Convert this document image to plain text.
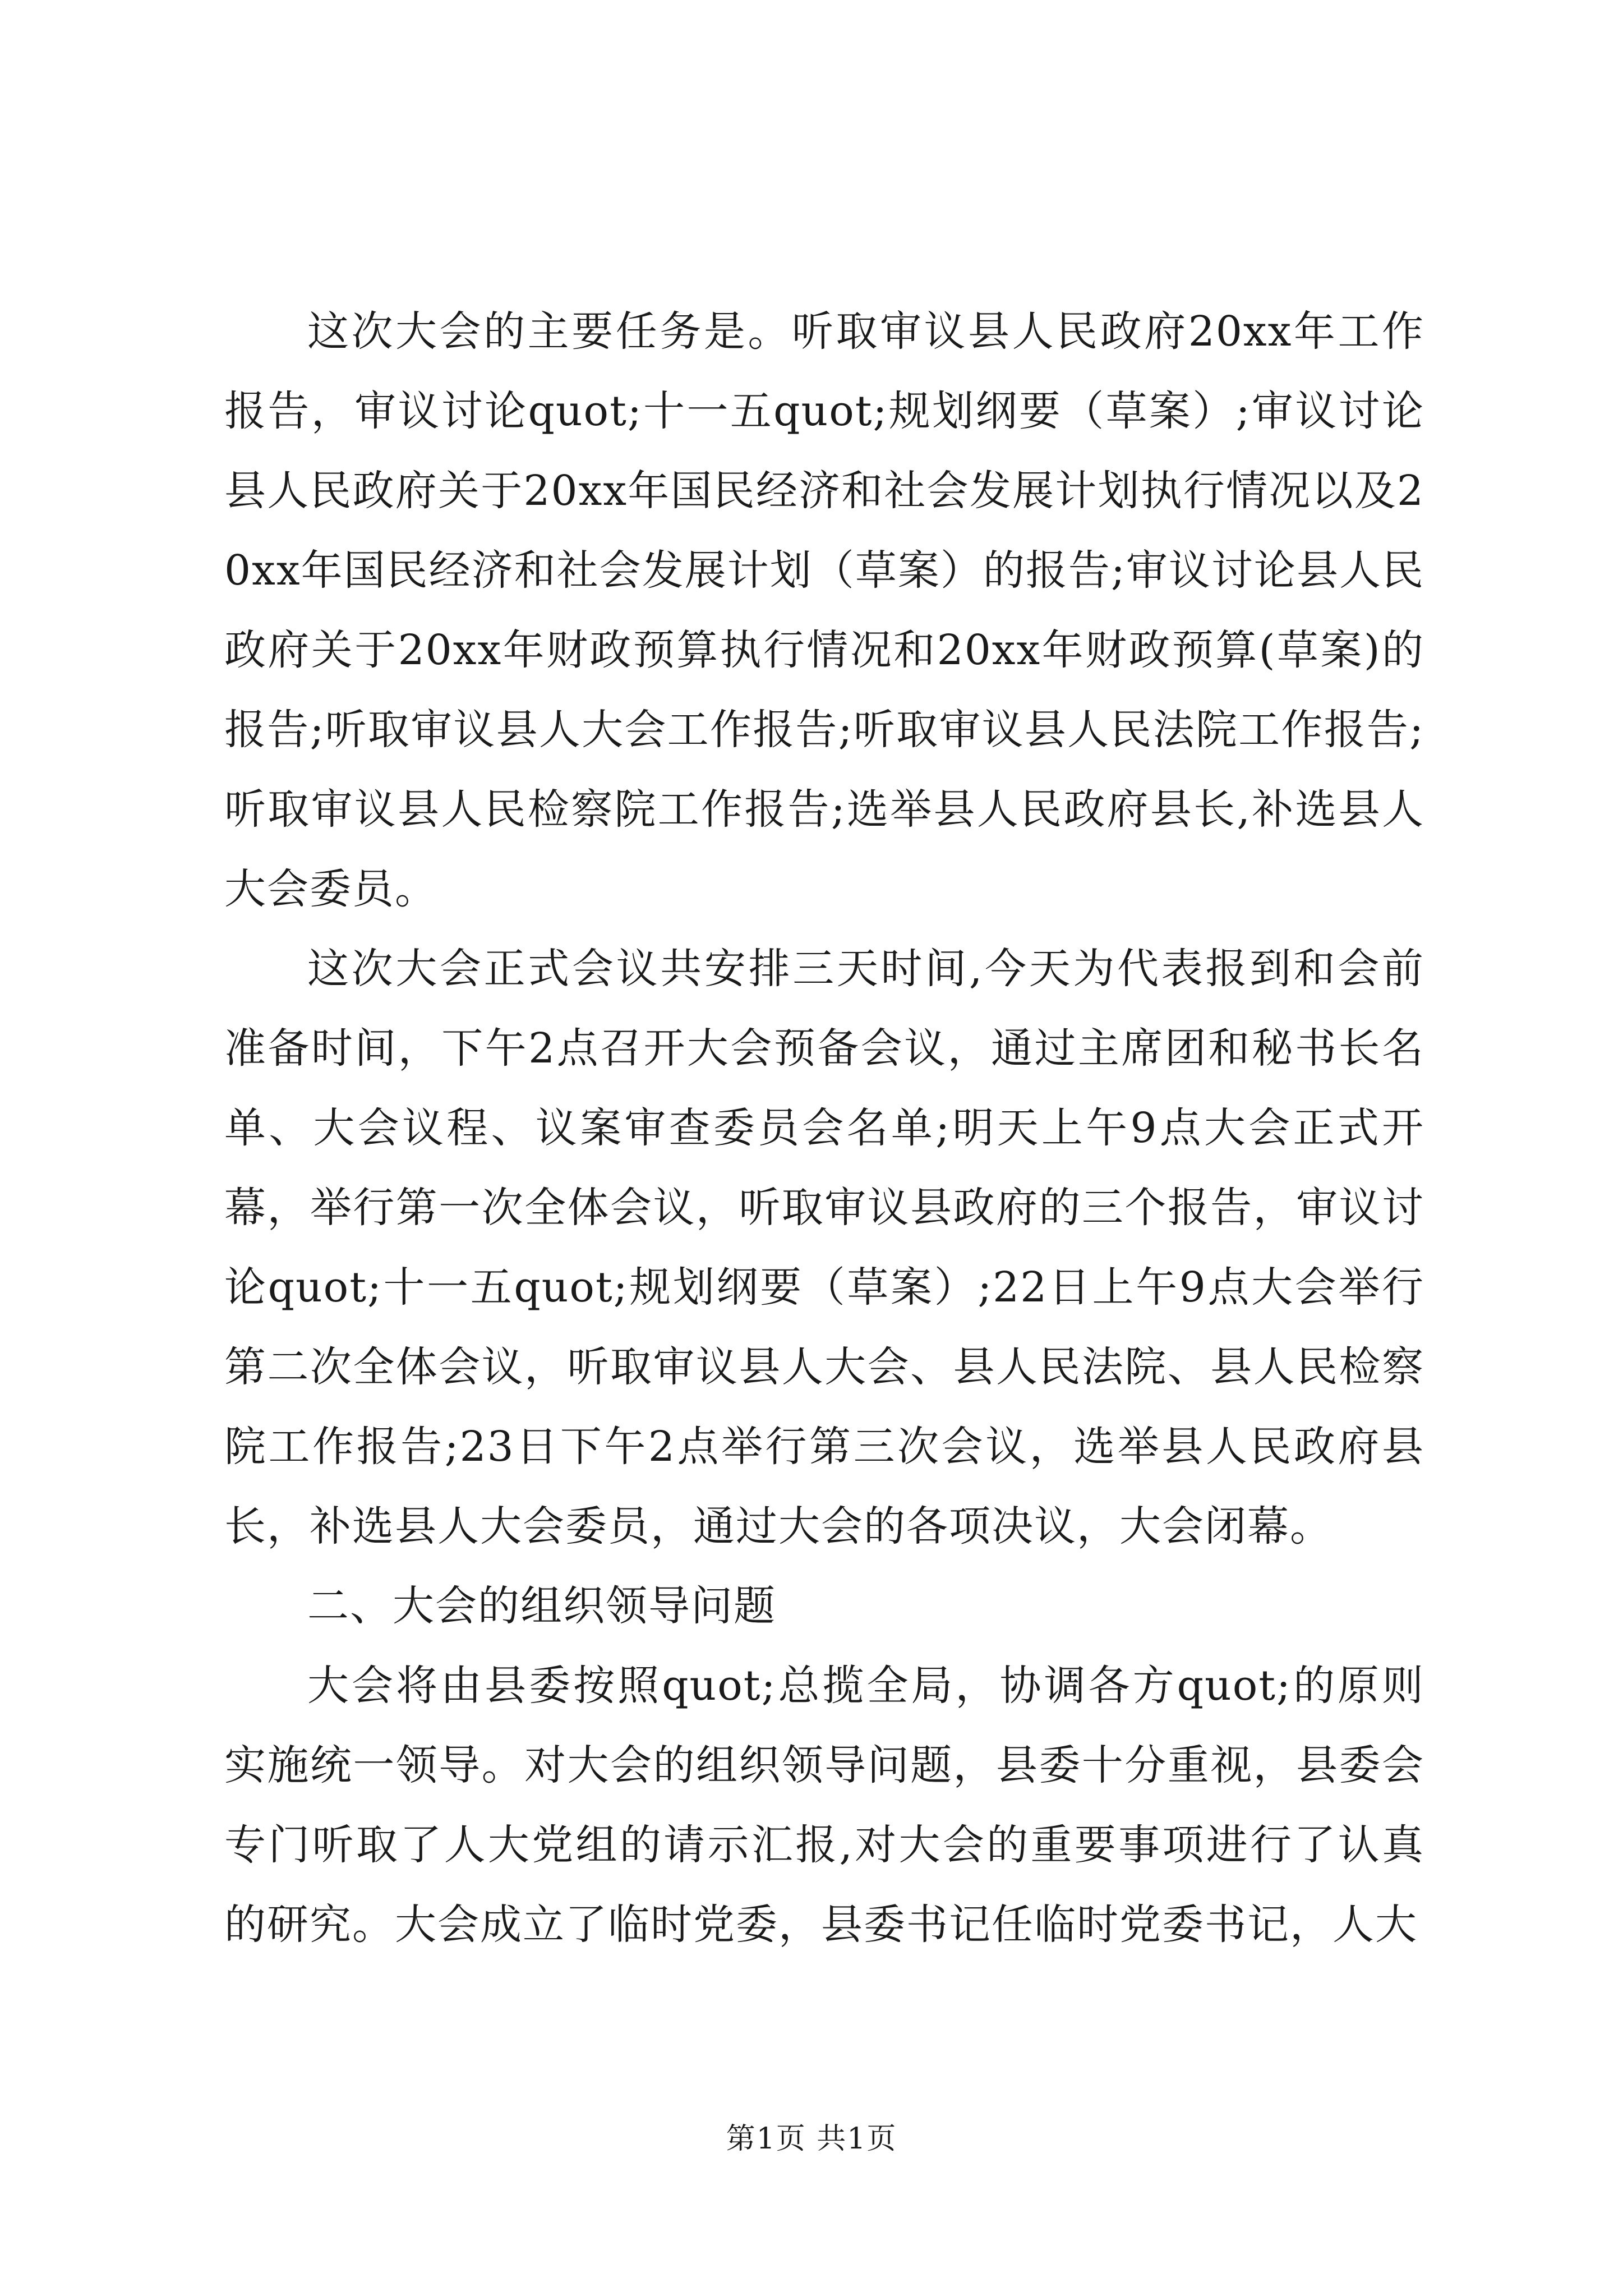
这次大会的主要任务是。听取审议县人民政府20xx年工作报告，审议讨论quot;十一五quot;规划纲要（草案）;审议讨论县人民政府关于20xx年国民经济和社会发展计划执行情况以及20xx年国民经济和社会发展计划（草案）的报告;审议讨论县人民政府关于20xx年财政预算执行情况和20xx年财政预算(草案)的报告;听取审议县人大会工作报告;听取审议县人民法院工作报告;听取审议县人民检察院工作报告;选举县人民政府县长,补选县人大会委员。

这次大会正式会议共安排三天时间,今天为代表报到和会前准备时间，下午2点召开大会预备会议，通过主席团和秘书长名单、大会议程、议案审查委员会名单;明天上午9点大会正式开幕，举行第一次全体会议，听取审议县政府的三个报告，审议讨论quot;十一五quot;规划纲要（草案）;22日上午9点大会举行第二次全体会议，听取审议县人大会、县人民法院、县人民检察院工作报告;23日下午2点举行第三次会议，选举县人民政府县长，补选县人大会委员，通过大会的各项决议，大会闭幕。

二、大会的组织领导问题

大会将由县委按照quot;总揽全局，协调各方quot;的原则实施统一领导。对大会的组织领导问题，县委十分重视，县委会专门听取了人大党组的请示汇报,对大会的重要事项进行了认真的研究。大会成立了临时党委，县委书记任临时党委书记，人大

第1页 共1页
